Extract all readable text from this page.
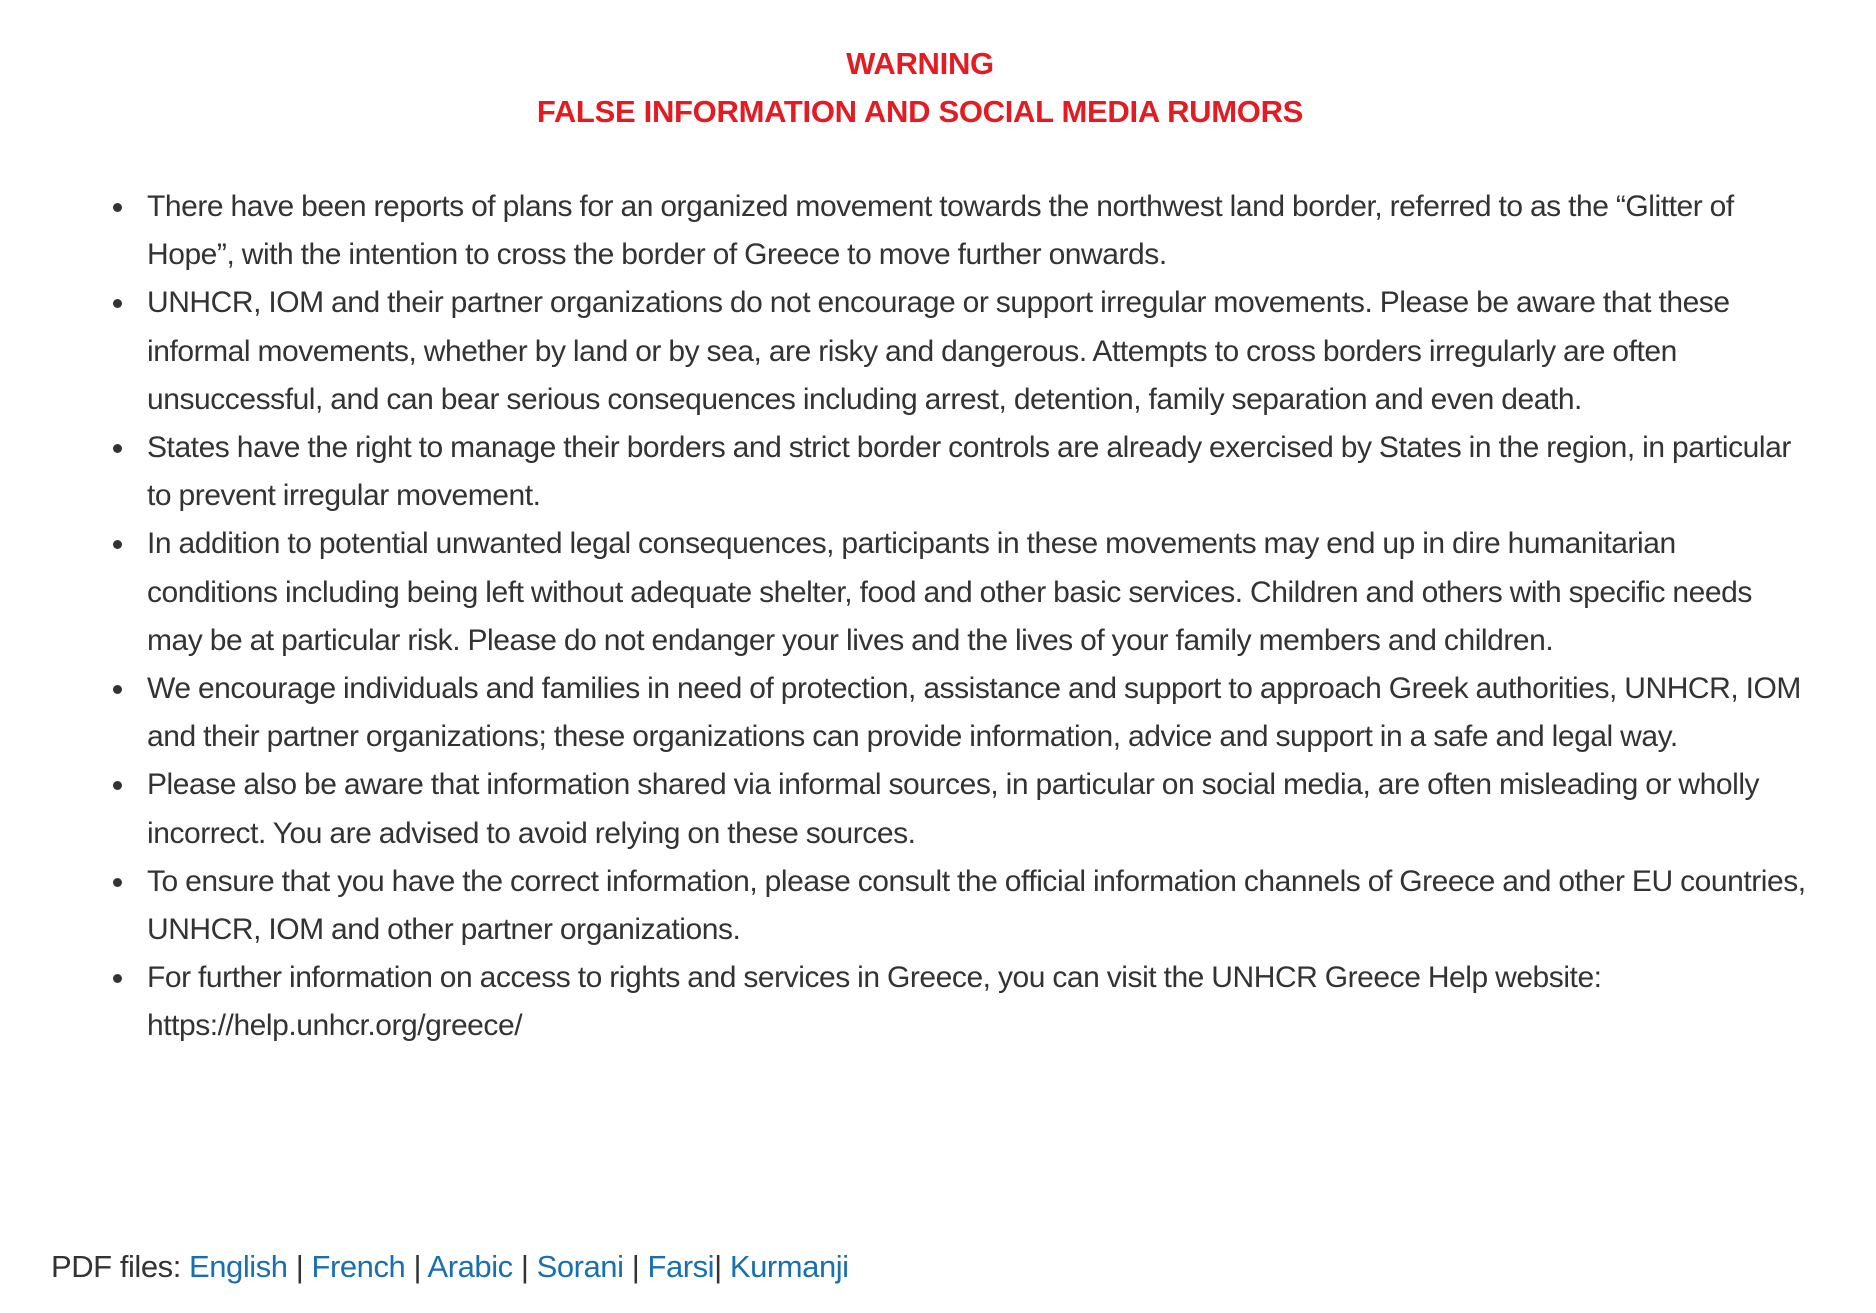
WARNING
FALSE INFORMATION AND SOCIAL MEDIA RUMORS
There have been reports of plans for an organized movement towards the northwest land border, referred to as the “Glitter of Hope”, with the intention to cross the border of Greece to move further onwards.
UNHCR, IOM and their partner organizations do not encourage or support irregular movements. Please be aware that these informal movements, whether by land or by sea, are risky and dangerous. Attempts to cross borders irregularly are often unsuccessful, and can bear serious consequences including arrest, detention, family separation and even death.
States have the right to manage their borders and strict border controls are already exercised by States in the region, in particular to prevent irregular movement.
In addition to potential unwanted legal consequences, participants in these movements may end up in dire humanitarian conditions including being left without adequate shelter, food and other basic services. Children and others with specific needs may be at particular risk. Please do not endanger your lives and the lives of your family members and children.
We encourage individuals and families in need of protection, assistance and support to approach Greek authorities, UNHCR, IOM and their partner organizations; these organizations can provide information, advice and support in a safe and legal way.
Please also be aware that information shared via informal sources, in particular on social media, are often misleading or wholly incorrect. You are advised to avoid relying on these sources.
To ensure that you have the correct information, please consult the official information channels of Greece and other EU countries, UNHCR, IOM and other partner organizations.
For further information on access to rights and services in Greece, you can visit the UNHCR Greece Help website: https://help.unhcr.org/greece/
PDF files: English | French | Arabic | Sorani | Farsi| Kurmanji
